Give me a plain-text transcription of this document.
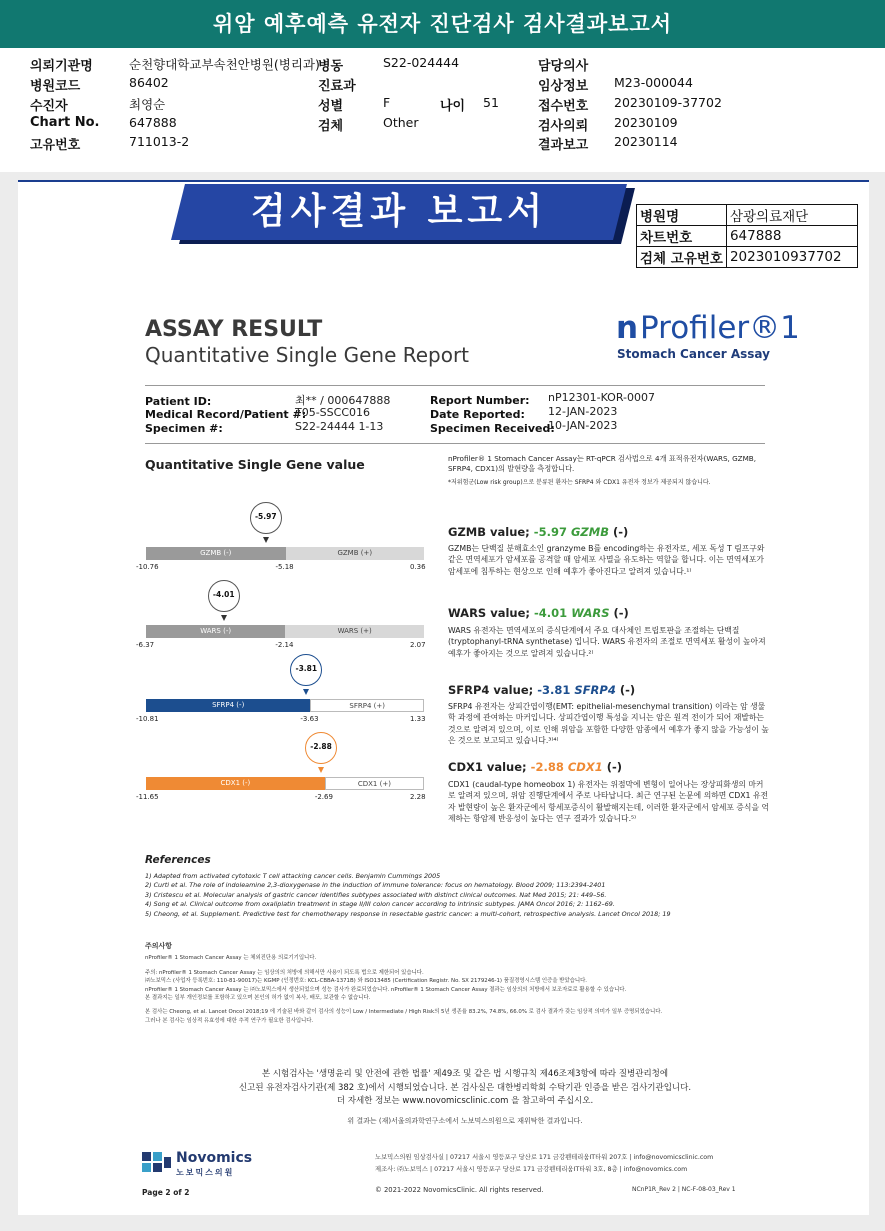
위암 예후예측 유전자 진단검사 검사결과보고서
의뢰기관명	순천향대학교부속천안병원(병리과)
병동	S22-024444	담당의사
병원코드	86402	진료과	임상정보 M23-000044
수진자	최영순	성별	F	나이 51	접수번호 20230109-37702
Chart No. 647888	검체	Other	검사의뢰 20230109
고유번호	711013-2	결과보고 20230114
검사결과 보고서	병원명	삼광의료재단
차트번호	647888
검체 고유번호	2023010937702
ASSAY RESULT
Quantitative Single Gene Report
n Profiler®1
Stomach Cancer Assay
Patient ID:	최** / 000647888
Medical Record/Patient #:
T05-SSCC016
Specimen #:	S22-24444 1-13
Report Number: nP12301-KOR-0007
Date Reported: 12-JAN-2023
Specimen Received:
10-JAN-2023
Quantitative Single Gene value	nProfiler® 1 Stomach Cancer Assay는 RT-qPCR 검사법으로 4개 표적유전자(WARS, GZMB, SFRP4, CDX1)의 발현량을 측정합니다.
*저위험군(Low risk group)으로 분류된 환자는 SFRP4 와 CDX1 유전자 정보가 제공되지 않습니다.
GZMB (-)	GZMB (+)
-10.76	-5.18	0.36
-5.97
WARS (-)	WARS (+)
-6.37	-2.14	2.07
-4.01
SFRP4 (-)	SFRP4 (+)
-10.81	-3.63	1.33
-3.81
CDX1 (-)	CDX1 (+)
-11.65	-2.69	2.28
-2.88
GZMB value; -5.97 GZMB (-)
GZMB는 단백질 분해효소인 granzyme B를 encoding하는 유전자로, 세포 독성 T 림프구와 같은 면역세포가 암세포를 공격할 때 암세포 사멸을 유도하는 역할을 합니다. 이는 면역세포가 암세포에 침투하는 현상으로 인해 예후가 좋아진다고 알려져 있습니다.¹⁾
WARS value; -4.01 WARS (-)
WARS 유전자는 면역세포의 증식단계에서 주요 대사체인 트립토판을 조절하는 단백질(tryptophanyl-tRNA synthetase) 입니다. WARS 유전자의 조절로 면역세포 활성이 높아져 예후가 좋아지는 것으로 알려져 있습니다.²⁾
SFRP4 value; -3.81 SFRP4 (-)
SFRP4 유전자는 상피간엽이행(EMT: epithelial-mesenchymal transition) 이라는 암 생물학 과정에 관여하는 마커입니다. 상피간엽이행 특성을 지니는 암은 원격 전이가 되어 재발하는 것으로 알려져 있으며, 이로 인해 위암을 포함한 다양한 암종에서 예후가 좋지 않을 가능성이 높은 것으로 보고되고 있습니다.³⁾⁴⁾
CDX1 value; -2.88 CDX1 (-)
CDX1 (caudal-type homeobox 1) 유전자는 위점막에 변형이 일어나는 장상피화생의 마커로 알려져 있으며, 위암 진행단계에서 주로 나타납니다. 최근 연구된 논문에 의하면 CDX1 유전자 발현량이 높은 환자군에서 항세포증식이 활발해지는데, 이러한 환자군에서 암세포 증식을 억제하는 항암제 반응성이 높다는 연구 결과가 있습니다.⁵⁾
References
1) Adapted from activated cytotoxic T cell attacking cancer cells. Benjamin Cummings 2005
2) Curti et al. The role of indoleamine 2,3-dioxygenase in the induction of immune tolerance: focus on hematology. Blood 2009; 113:2394-2401
3) Cristescu et al. Molecular analysis of gastric cancer identifies subtypes associated with distinct clinical outcomes. Nat Med 2015; 21: 449–56.
4) Song et al. Clinical outcome from oxaliplatin treatment in stage II/III colon cancer according to intrinsic subtypes. JAMA Oncol 2016; 2: 1162–69.
5) Cheong, et al. Supplement. Predictive test for chemotherapy response in resectable gastric cancer: a multi-cohort, retrospective analysis. Lancet Oncol 2018; 19
주의사항
nProfiler® 1 Stomach Cancer Assay 는 체외진단용 의료기기입니다.
주의: nProfiler® 1 Stomach Cancer Assay 는 임상의의 처방에 의해서만 사용이 되도록 법으로 제한되어 있습니다.
㈜노보믹스 (사업자 등록번호: 110-81-90017)는 KGMP (인정번호: KCL-CBBA-1371B) 와 ISO13485 (Certification Registr. No. SX 2179246-1) 품질경영시스템 인증을 받았습니다.
nProfiler® 1 Stomach Cancer Assay 는 ㈜노보믹스에서 생산되었으며 성능 검사가 완료되었습니다. nProfiler® 1 Stomach Cancer Assay 결과는 임상의의 처방에서 보조자료로 활용할 수 있습니다.
본 결과지는 일부 개인정보를 포함하고 있으며 본인의 허가 없이 복사, 배포, 보관할 수 없습니다.
본 검사는 Cheong, et al. Lancet Oncol 2018;19 에 기술된 바와 같이 검사의 성능이 Low / Intermediate / High Risk의 5년 생존율 83.2%, 74.8%, 66.0% 로 검사 결과가 갖는 임상적 의미가 일부 증명되었습니다.
그러나 본 검사는 임상적 유효성에 대한 추적 연구가 필요한 검사입니다.
본 시험검사는 '생명윤리 및 안전에 관한 법률' 제49조 및 같은 법 시행규칙 제46조제3항에 따라 질병관리청에
신고된 유전자검사기관(제 382 호)에서 시행되었습니다. 본 검사실은 대한병리학회 수탁기관 인증을 받은 검사기관입니다.
더 자세한 정보는 www.novomicsclinic.com 을 참고하여 주십시오.
위 결과는 (재)서울의과학연구소에서 노보믹스의원으로 재위탁한 결과입니다.
Novomics
노보믹스의원
노보믹스의원 임상검사실 | 07217 서울시 영등포구 당산로 171 금강펜테리움IT타워 207호 | info@novomicsclinic.com
제조사: ㈜노보믹스 | 07217 서울시 영등포구 당산로 171 금강펜테리움IT타워 3호, 8층 | info@novomics.com
Page 2 of 2	© 2021-2022 NovomicsClinic. All rights reserved.	NCnP1R_Rev 2 | NC-F-08-03_Rev 1
